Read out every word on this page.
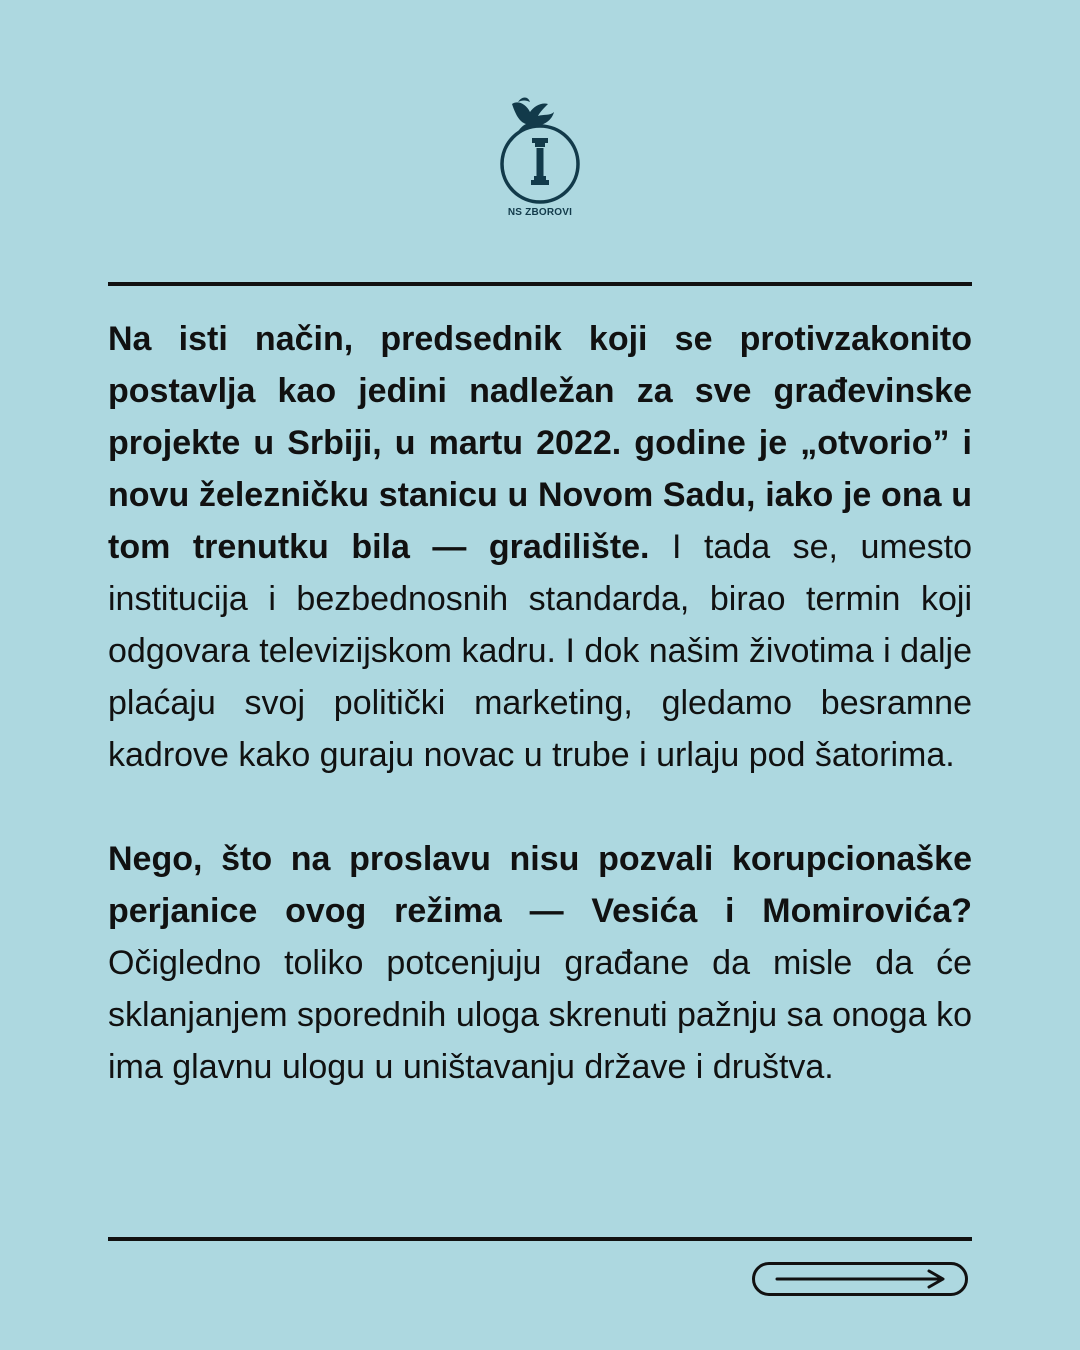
NS ZBOROVI

Na isti način, predsednik koji se protivzakonito postavlja kao jedini nadležan za sve građevinske projekte u Srbiji, u martu 2022. godine je „otvorio” i novu železničku stanicu u Novom Sadu, iako je ona u tom trenutku bila — gradilište. I tada se, umesto institucija i bezbednosnih standarda, birao termin koji odgovara televizijskom kadru. I dok našim životima i dalje plaćaju svoj politički marketing, gledamo besramne kadrove kako guraju novac u trube i urlaju pod šatorima.

Nego, što na proslavu nisu pozvali korupcionaške perjanice ovog režima — Vesića i Momirovića? Očigledno toliko potcenjuju građane da misle da će sklanjanjem sporednih uloga skrenuti pažnju sa onoga ko ima glavnu ulogu u uništavanju države i društva.
